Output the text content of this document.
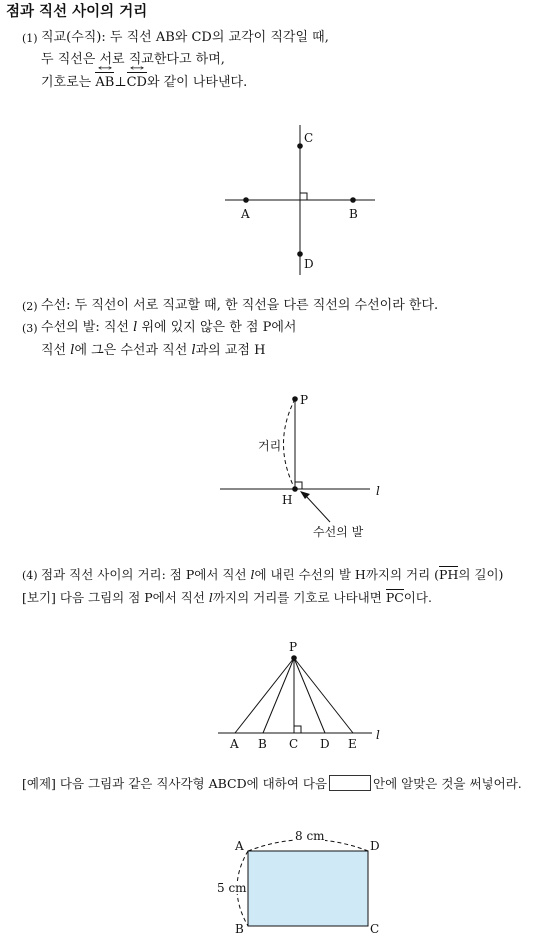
점과 직선 사이의 거리
(1) 직교(수직): 두 직선 AB와 CD의 교각이 직각일 때,
두 직선은 서로 직교한다고 하며,
기호로는 AB ↔⊥CD ↔와 같이 나타낸다.
A	B
C
D
(2) 수선: 두 직선이 서로 직교할 때, 한 직선을 다른 직선의 수선이라 한다.
(3) 수선의 발: 직선 l 위에 있지 않은 한 점 P에서
직선 l에 그은 수선과 직선 l과의 교점 H
P
H
l
거리
수선의 발
(4) 점과 직선 사이의 거리: 점 P에서 직선 l에 내린 수선의 발 H까지의 거리 (PH의 길이)
[보기] 다음 그림의 점 P에서 직선 l까지의 거리를 기호로 나타내면 PC이다.
P
l
A B C D E
[예제] 다음 그림과 같은 직사각형 ABCD에 대하여 다음	안에 알맞은 것을 써넣어라.
8 cm
5 cm
A	D
B	C
